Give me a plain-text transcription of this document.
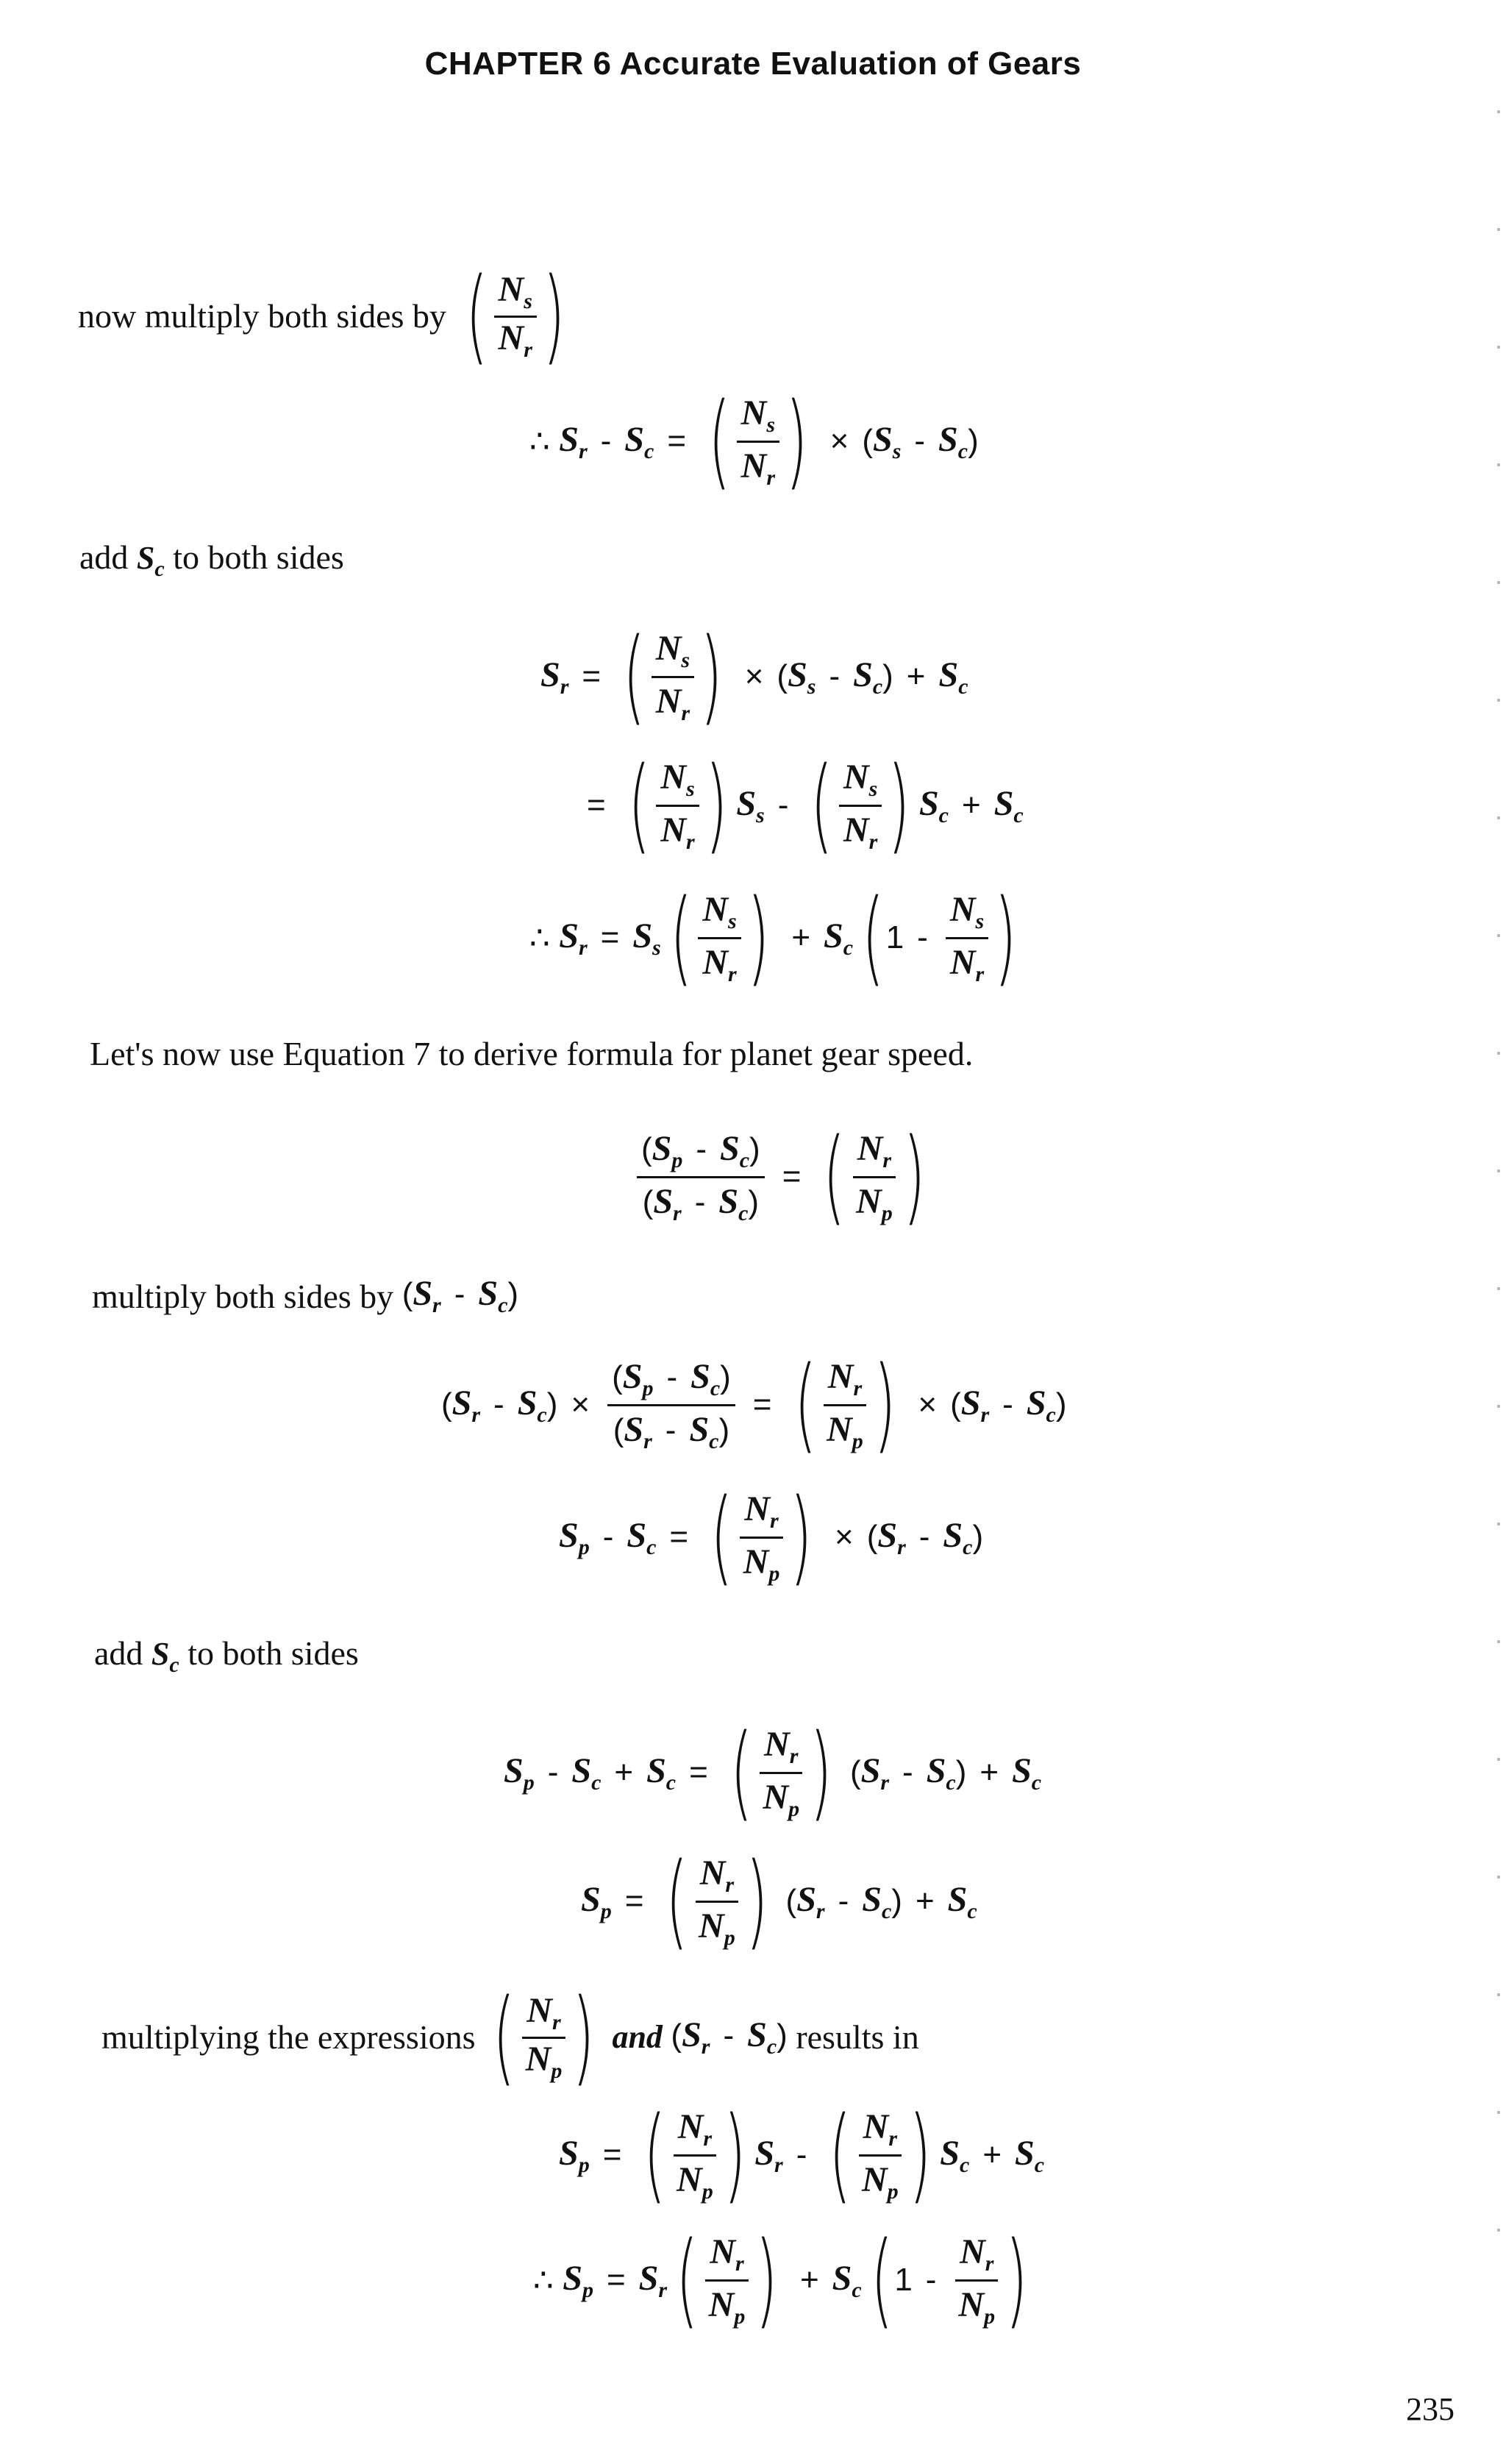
CHAPTER 6 Accurate Evaluation of Gears
now multiply both sides by ( $\frac{N_s}{N_r}$
)
∴
$S_r - S_c$ = ( $\frac{N_s}{N_r}$
) × ( $S_s - S_c$ )
add $S_c$ to both sides
$S_r$ = ( $\frac{N_s}{N_r}$
) × ( $S_s - S_c$ ) + $S_c$
= ( $\frac{N_s}{N_r}$
) $S_s$ - ( $\frac{N_s}{N_r}$
) $S_c + S_c$
∴
$S_r = S_s$ ( $\frac{N_s}{N_r}$
) + $S_c$ ( $1 - \frac{N_s}{N_r}$
)
Let's now use Equation 7 to derive formula for planet gear speed.
$\frac{(S_p - S_c)}{(S_r - S_c)}$ = ( $\frac{N_r}{N_p}$
)
multiply both sides by
$(S_r - S_c)$
( $S_r - S_c$ ) × $\frac{(S_p - S_c)}{(S_r - S_c)}$ = ( $\frac{N_r}{N_p}$
) × ( $S_r - S_c$ )
$S_p - S_c$ = ( $\frac{N_r}{N_p}$
) × ( $S_r - S_c$ )
add $S_c$ to both sides
$S_p - S_c + S_c$ = ( $\frac{N_r}{N_p}$
) ( $S_r - S_c$ ) + $S_c$
$S_p$ = ( $\frac{N_r}{N_p}$
) ( $S_r - S_c$ ) + $S_c$
multiplying the expressions
( $\frac{N_r}{N_p}$
)
and
$(S_r - S_c)$
results in
$S_p$ = ( $\frac{N_r}{N_p}$
) $S_r$ - ( $\frac{N_r}{N_p}$
) $S_c + S_c$
∴
$S_p = S_r$ ( $\frac{N_r}{N_p}$
) + $S_c$ ( $1 - \frac{N_r}{N_p}$
)
235
